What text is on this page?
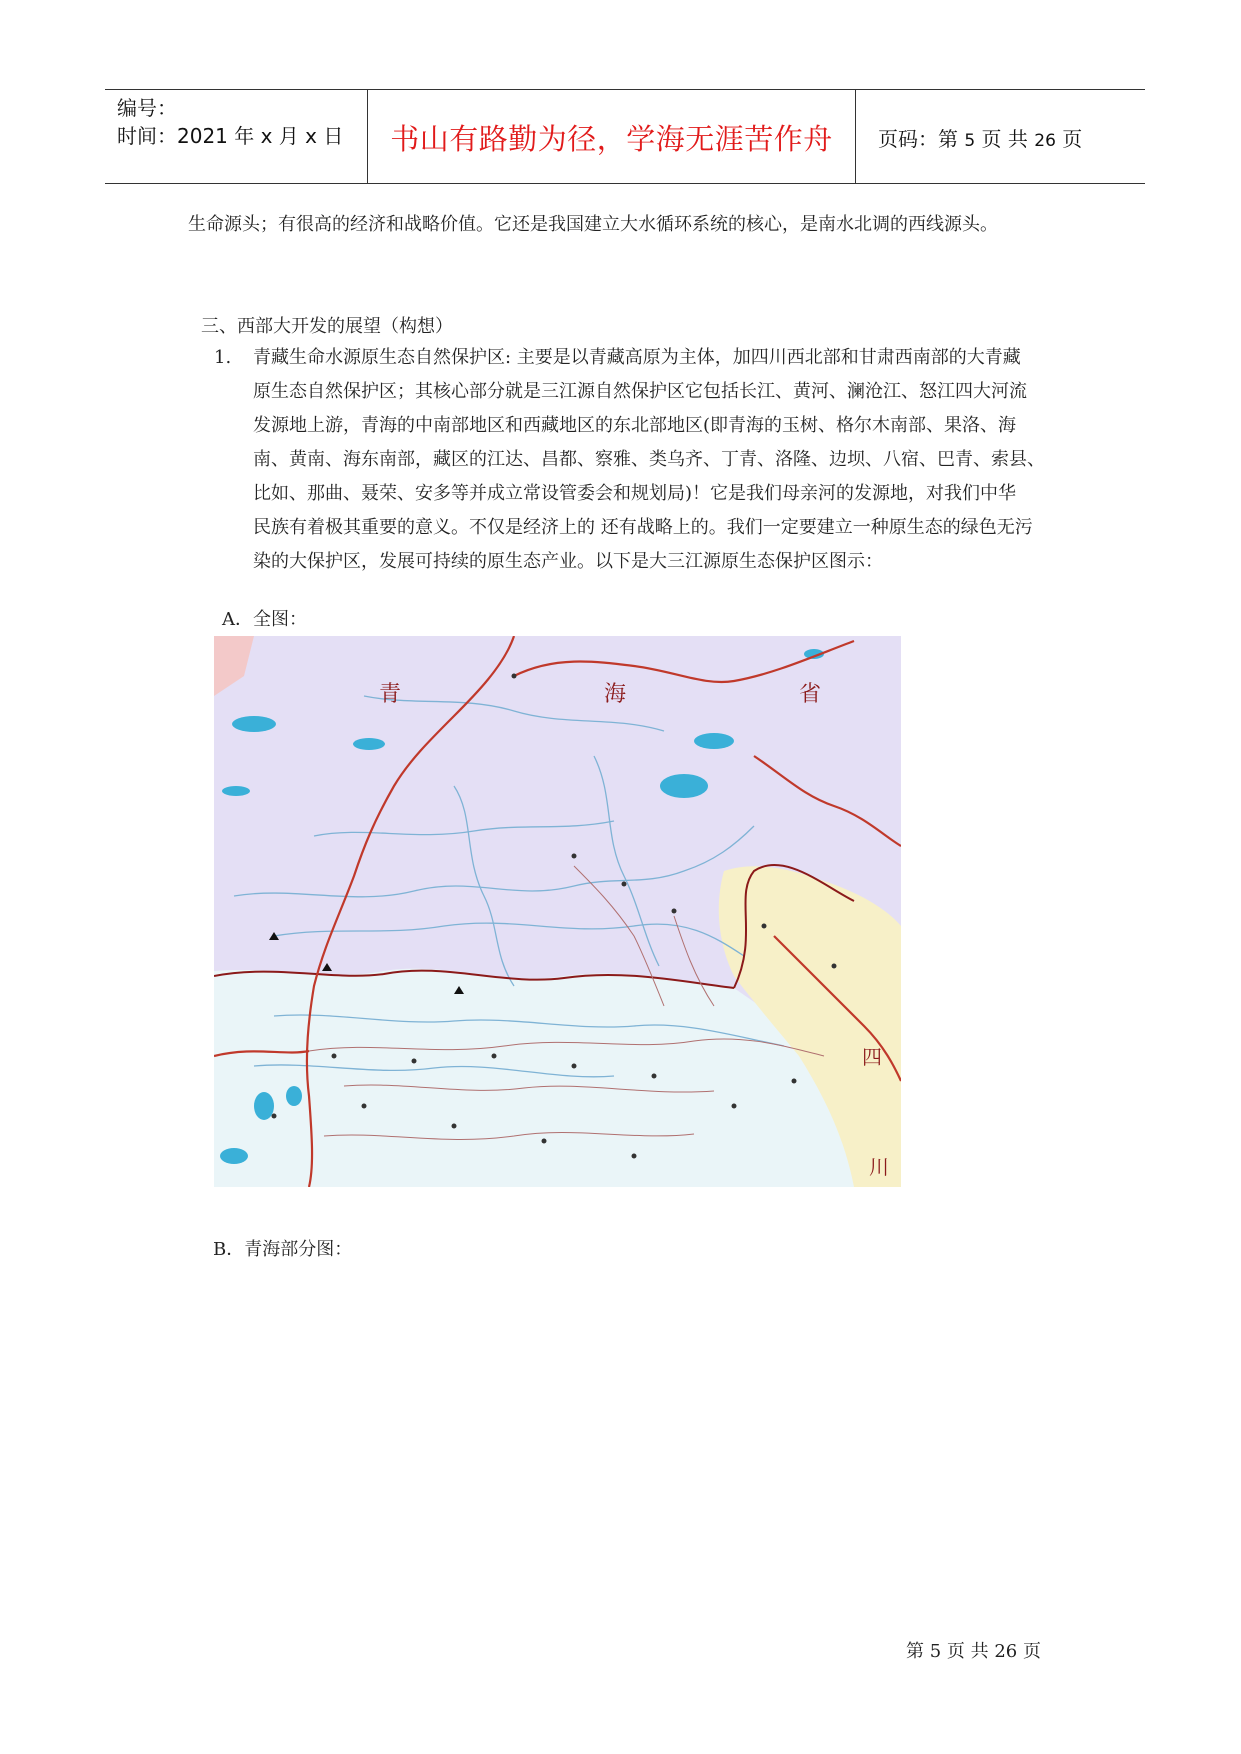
编号：
时间：2021 年 x 月 x 日	书山有路勤为径，学海无涯苦作舟	页码：第 5 页 共 26 页
生命源头；有很高的经济和战略价值。它还是我国建立大水循环系统的核心，是南水北调的西线源头。
三、西部大开发的展望（构想）
1. 青藏生命水源原生态自然保护区: 主要是以青藏高原为主体，加四川西北部和甘肃西南部的大青藏
原生态自然保护区；其核心部分就是三江源自然保护区它包括长江、黄河、澜沧江、怒江四大河流
发源地上游，青海的中南部地区和西藏地区的东北部地区(即青海的玉树、格尔木南部、果洛、海
南、黄南、海东南部，藏区的江达、昌都、察雅、类乌齐、丁青、洛隆、边坝、八宿、巴青、索县、
比如、那曲、聂荣、安多等并成立常设管委会和规划局)！它是我们母亲河的发源地，对我们中华
民族有着极其重要的意义。不仅是经济上的 还有战略上的。我们一定要建立一种原生态的绿色无污
染的大保护区，发展可持续的原生态产业。以下是大三江源原生态保护区图示：
A．全图：
青	海	省
四
川
B．青海部分图：
第 5 页 共 26 页
